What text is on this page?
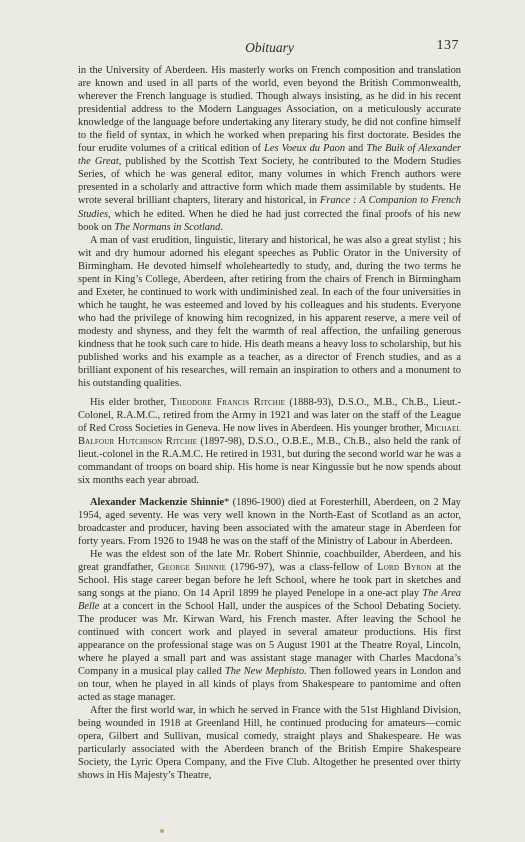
Obituary	137

in the University of Aberdeen. His masterly works on French composition and translation are known and used in all parts of the world, even beyond the British Commonwealth, wherever the French language is studied. Though always insisting, as he did in his recent presidential address to the Modern Languages Association, on a meticulously accurate knowledge of the language before undertaking any literary study, he did not confine himself to the field of syntax, in which he worked when preparing his first doctorate. Besides the four erudite volumes of a critical edition of Les Voeux du Paon and The Buik of Alexander the Great, published by the Scottish Text Society, he contributed to the Modern Studies Series, of which he was general editor, many volumes in which French authors were presented in a scholarly and attractive form which made them assimilable by students. He wrote several brilliant chapters, literary and historical, in France : A Companion to French Studies, which he edited. When he died he had just corrected the final proofs of his new book on The Normans in Scotland.

A man of vast erudition, linguistic, literary and historical, he was also a great stylist ; his wit and dry humour adorned his elegant speeches as Public Orator in the University of Birmingham. He devoted himself wholeheartedly to study, and, during the two terms he spent in King’s College, Aberdeen, after retiring from the chairs of French in Birmingham and Exeter, he continued to work with undiminished zeal. In each of the four universities in which he taught, he was esteemed and loved by his colleagues and his students. Everyone who had the privilege of knowing him recognized, in his apparent reserve, a mere veil of modesty and shyness, and they felt the warmth of real affection, the unfailing generous kindness that he took such care to hide. His death means a heavy loss to scholarship, but his published works and his example as a teacher, as a director of French studies, and as a brilliant exponent of his researches, will remain an inspiration to others and a monument to his outstanding qualities.

His elder brother, Theodore Francis Ritchie (1888-93), D.S.O., M.B., Ch.B., Lieut.-Colonel, R.A.M.C., retired from the Army in 1921 and was later on the staff of the League of Red Cross Societies in Geneva. He now lives in Aberdeen. His younger brother, Michael Balfour Hutchison Ritchie (1897-98), D.S.O., O.B.E., M.B., Ch.B., also held the rank of lieut.-colonel in the R.A.M.C. He retired in 1931, but during the second world war he was a commandant of troops on board ship. His home is near Kingussie but he now spends about six months each year abroad.

Alexander Mackenzie Shinnie* (1896-1900) died at Foresterhill, Aberdeen, on 2 May 1954, aged seventy. He was very well known in the North-East of Scotland as an actor, broadcaster and producer, having been associated with the amateur stage in Aberdeen for forty years. From 1926 to 1948 he was on the staff of the Ministry of Labour in Aberdeen.

He was the eldest son of the late Mr. Robert Shinnie, coachbuilder, Aberdeen, and his great grandfather, George Shinnie (1796-97), was a class-fellow of Lord Byron at the School. His stage career began before he left School, where he took part in sketches and sang songs at the piano. On 14 April 1899 he played Penelope in a one-act play The Area Belle at a concert in the School Hall, under the auspices of the School Debating Society. The producer was Mr. Kirwan Ward, his French master. After leaving the School he continued with concert work and played in several amateur productions. His first appearance on the professional stage was on 5 August 1901 at the Theatre Royal, Lincoln, where he played a small part and was assistant stage manager with Charles Macdona’s Company in a musical play called The New Mephisto. Then followed years in London and on tour, when he played in all kinds of plays from Shakespeare to pantomime and often acted as stage manager.

After the first world war, in which he served in France with the 51st Highland Division, being wounded in 1918 at Greenland Hill, he continued producing for amateurs—comic opera, Gilbert and Sullivan, musical comedy, straight plays and Shakespeare. He was particularly associated with the Aberdeen branch of the British Empire Shakespeare Society, the Lyric Opera Company, and the Five Club. Altogether he presented over thirty shows in His Majesty’s Theatre,
